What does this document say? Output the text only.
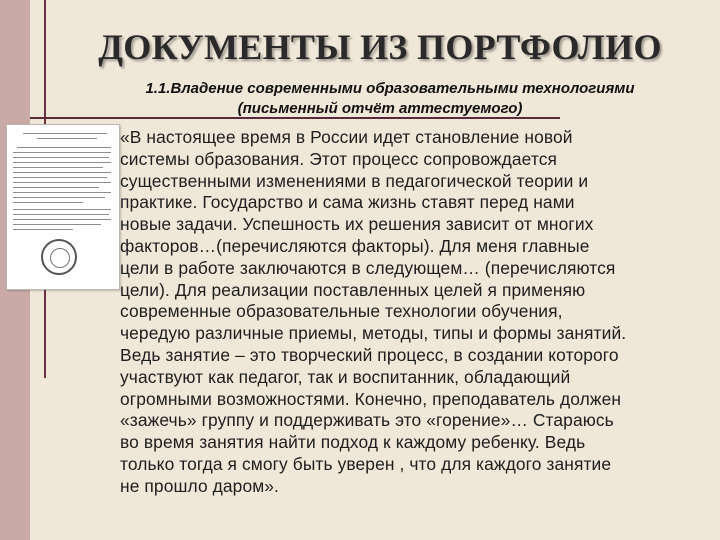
ДОКУМЕНТЫ ИЗ ПОРТФОЛИО
1.1.Владение современными образовательными технологиями
(письменный отчёт аттестуемого)
«В настоящее время в России идет становление новой
системы образования. Этот процесс сопровождается
существенными изменениями в педагогической теории и
практике. Государство и сама жизнь ставят перед нами
новые задачи. Успешность их решения зависит от многих
факторов…(перечисляются факторы). Для меня главные
цели в работе заключаются в следующем… (перечисляются
цели). Для реализации поставленных целей я применяю
современные образовательные технологии обучения,
чередую различные приемы, методы, типы и формы занятий.
Ведь занятие – это творческий процесс, в создании которого
участвуют как педагог, так и воспитанник, обладающий
огромными возможностями. Конечно, преподаватель должен
«зажечь» группу и поддерживать это «горение»… Стараюсь
во время занятия найти подход к каждому ребенку. Ведь
только тогда я смогу быть уверен , что для каждого занятие
не прошло даром».
